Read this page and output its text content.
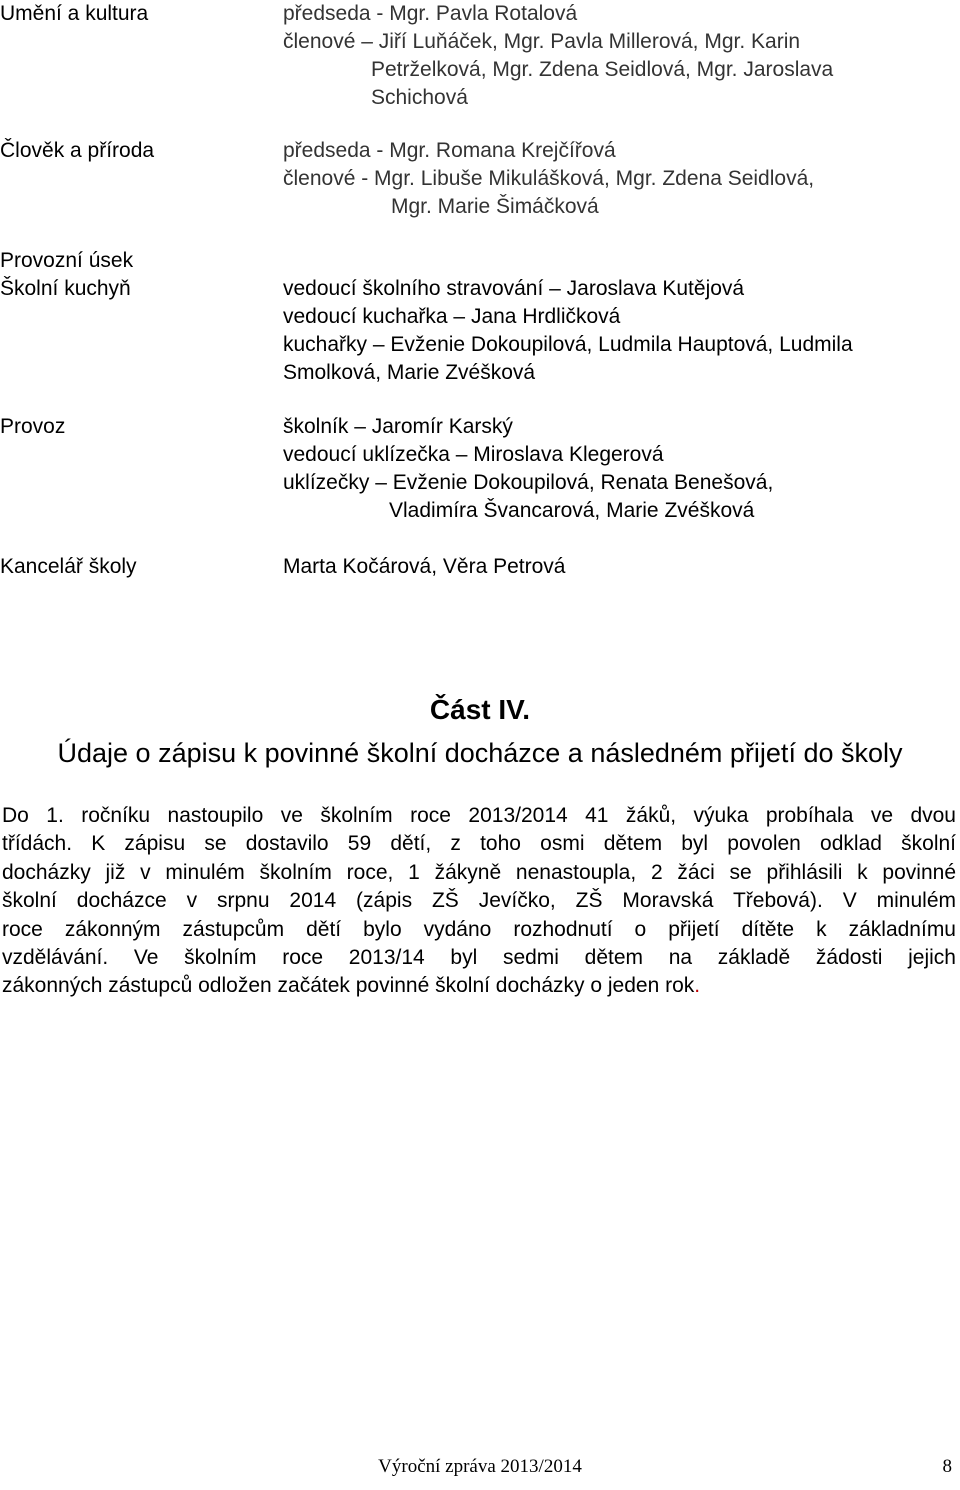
Umění a kultura	předseda - Mgr. Pavla Rotalová
členové – Jiří Luňáček, Mgr. Pavla Millerová, Mgr. Karin
Petrželková, Mgr. Zdena Seidlová, Mgr. Jaroslava
Schichová
Člověk a příroda	předseda - Mgr. Romana Krejčířová
členové - Mgr. Libuše Mikulášková, Mgr. Zdena Seidlová,
Mgr. Marie Šimáčková
Provozní úsek
Školní kuchyň	vedoucí školního stravování – Jaroslava Kutějová
vedoucí kuchařka – Jana Hrdličková
kuchařky – Evženie Dokoupilová, Ludmila Hauptová, Ludmila
Smolková, Marie Zvéšková
Provoz	školník – Jaromír Karský
vedoucí uklízečka – Miroslava Klegerová
uklízečky – Evženie Dokoupilová, Renata Benešová,
Vladimíra Švancarová, Marie Zvéšková
Kancelář školy	Marta Kočárová, Věra Petrová
Část IV.
Údaje o zápisu k povinné školní docházce a následném přijetí do školy
Do 1. ročníku nastoupilo ve školním roce 2013/2014 41 žáků, výuka probíhala ve dvou
třídách. K zápisu se dostavilo 59 dětí, z toho osmi dětem byl povolen odklad školní
docházky již v minulém školním roce, 1 žákyně nenastoupla, 2 žáci se přihlásili k povinné
školní docházce v srpnu 2014 (zápis ZŠ Jevíčko, ZŠ Moravská Třebová). V minulém
roce zákonným zástupcům dětí bylo vydáno rozhodnutí o přijetí dítěte k základnímu
vzdělávání. Ve školním roce 2013/14 byl sedmi dětem na základě žádosti jejich
zákonných zástupců odložen začátek povinné školní docházky o jeden rok.
Výroční zpráva 2013/2014	8
